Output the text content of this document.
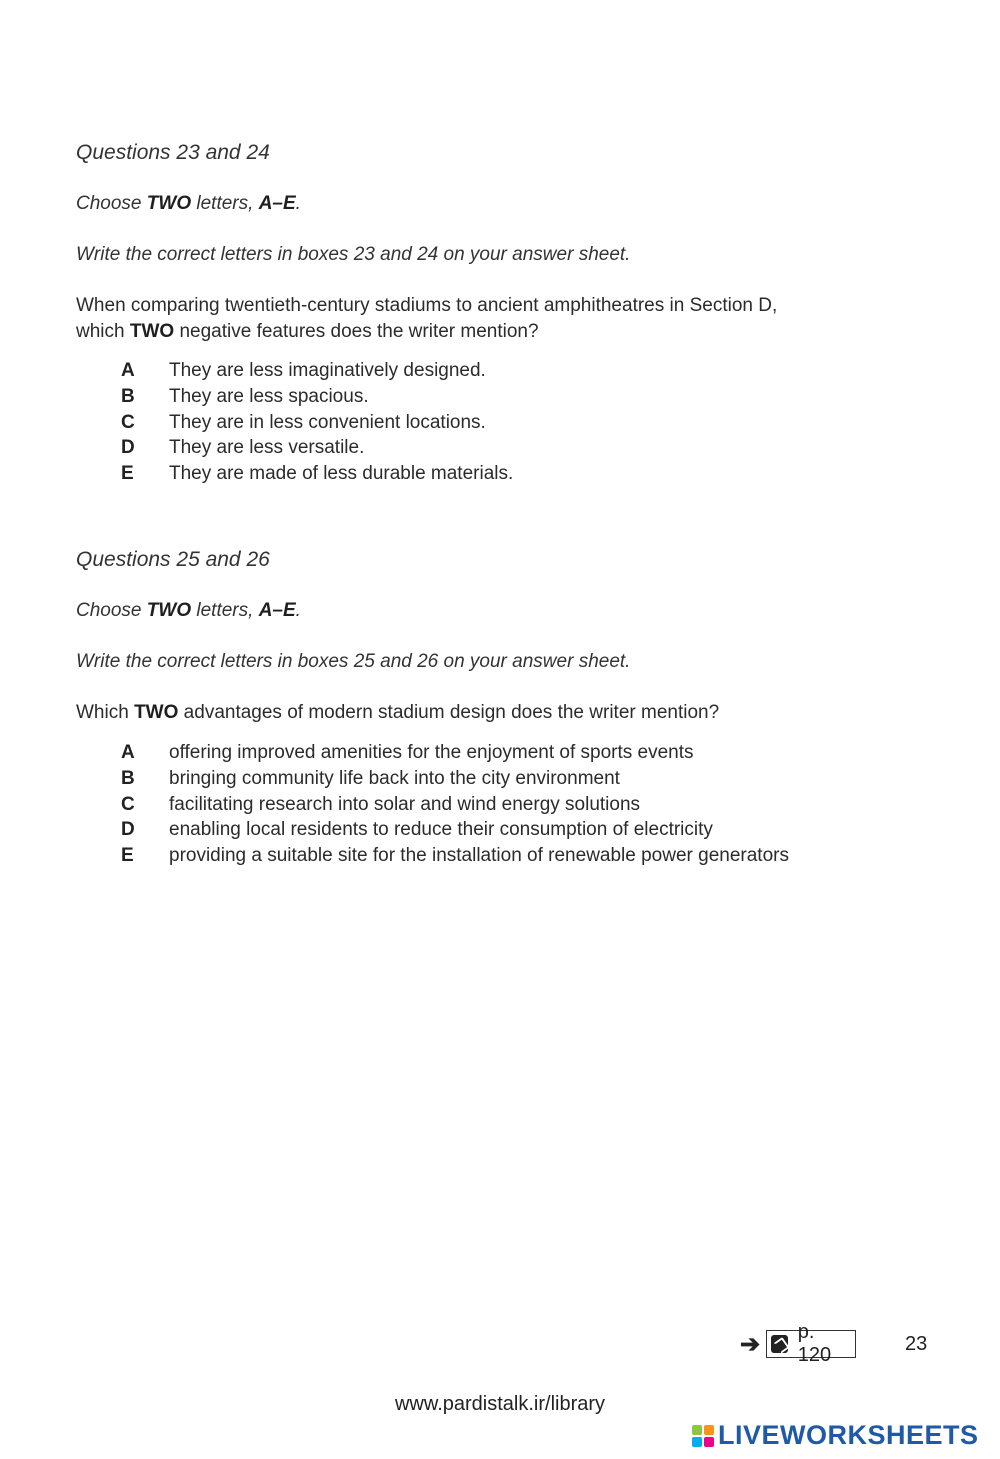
Questions 23 and 24
Choose TWO letters, A–E.
Write the correct letters in boxes 23 and 24 on your answer sheet.
When comparing twentieth-century stadiums to ancient amphitheatres in Section D,
which TWO negative features does the writer mention?
A	They are less imaginatively designed.
B	They are less spacious.
C	They are in less convenient locations.
D	They are less versatile.
E	They are made of less durable materials.
Questions 25 and 26
Choose TWO letters, A–E.
Write the correct letters in boxes 25 and 26 on your answer sheet.
Which TWO advantages of modern stadium design does the writer mention?
A	offering improved amenities for the enjoyment of sports events
B	bringing community life back into the city environment
C	facilitating research into solar and wind energy solutions
D	enabling local residents to reduce their consumption of electricity
E	providing a suitable site for the installation of renewable power generators
➔ p. 120	23
www.pardistalk.ir/library
LIVEWORKSHEETS
